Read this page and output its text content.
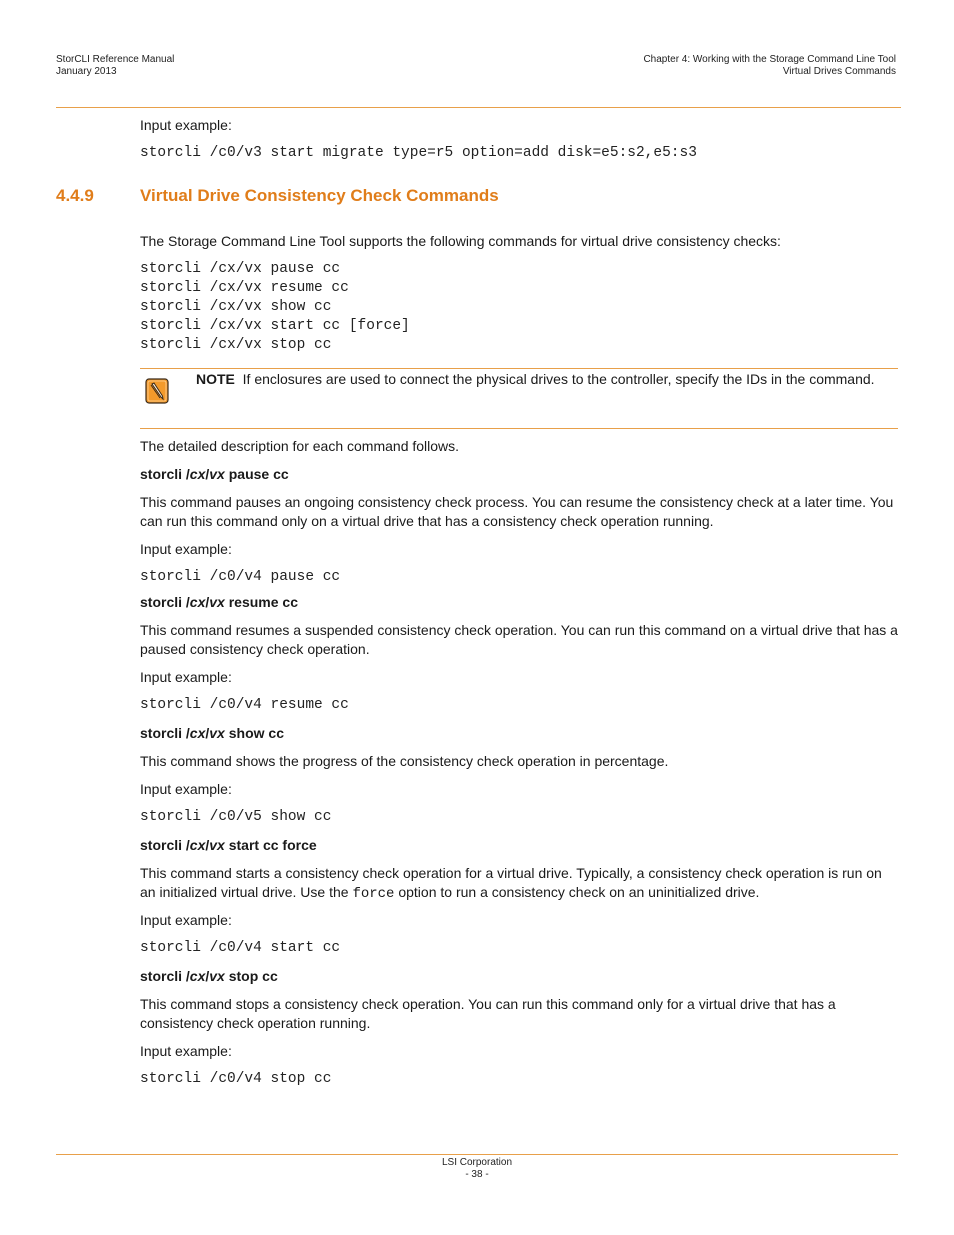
StorCLI Reference Manual
January 2013
Chapter 4: Working with the Storage Command Line Tool
Virtual Drives Commands
Input example:
storcli /c0/v3 start migrate type=r5 option=add disk=e5:s2,e5:s3
4.4.9	Virtual Drive Consistency Check Commands
The Storage Command Line Tool supports the following commands for virtual drive consistency checks:
storcli /cx/vx pause cc
storcli /cx/vx resume cc
storcli /cx/vx show cc
storcli /cx/vx start cc [force]
storcli /cx/vx stop cc
NOTE If enclosures are used to connect the physical drives to the controller, specify the IDs in the command.
The detailed description for each command follows.
storcli /cx/vx pause cc
This command pauses an ongoing consistency check process. You can resume the consistency check at a later time. You can run this command only on a virtual drive that has a consistency check operation running.
Input example:
storcli /c0/v4 pause cc
storcli /cx/vx resume cc
This command resumes a suspended consistency check operation. You can run this command on a virtual drive that has a paused consistency check operation.
Input example:
storcli /c0/v4 resume cc
storcli /cx/vx show cc
This command shows the progress of the consistency check operation in percentage.
Input example:
storcli /c0/v5 show cc
storcli /cx/vx start cc force
This command starts a consistency check operation for a virtual drive. Typically, a consistency check operation is run on an initialized virtual drive. Use the force option to run a consistency check on an uninitialized drive.
Input example:
storcli /c0/v4 start cc
storcli /cx/vx stop cc
This command stops a consistency check operation. You can run this command only for a virtual drive that has a consistency check operation running.
Input example:
storcli /c0/v4 stop cc
LSI Corporation
- 38 -
